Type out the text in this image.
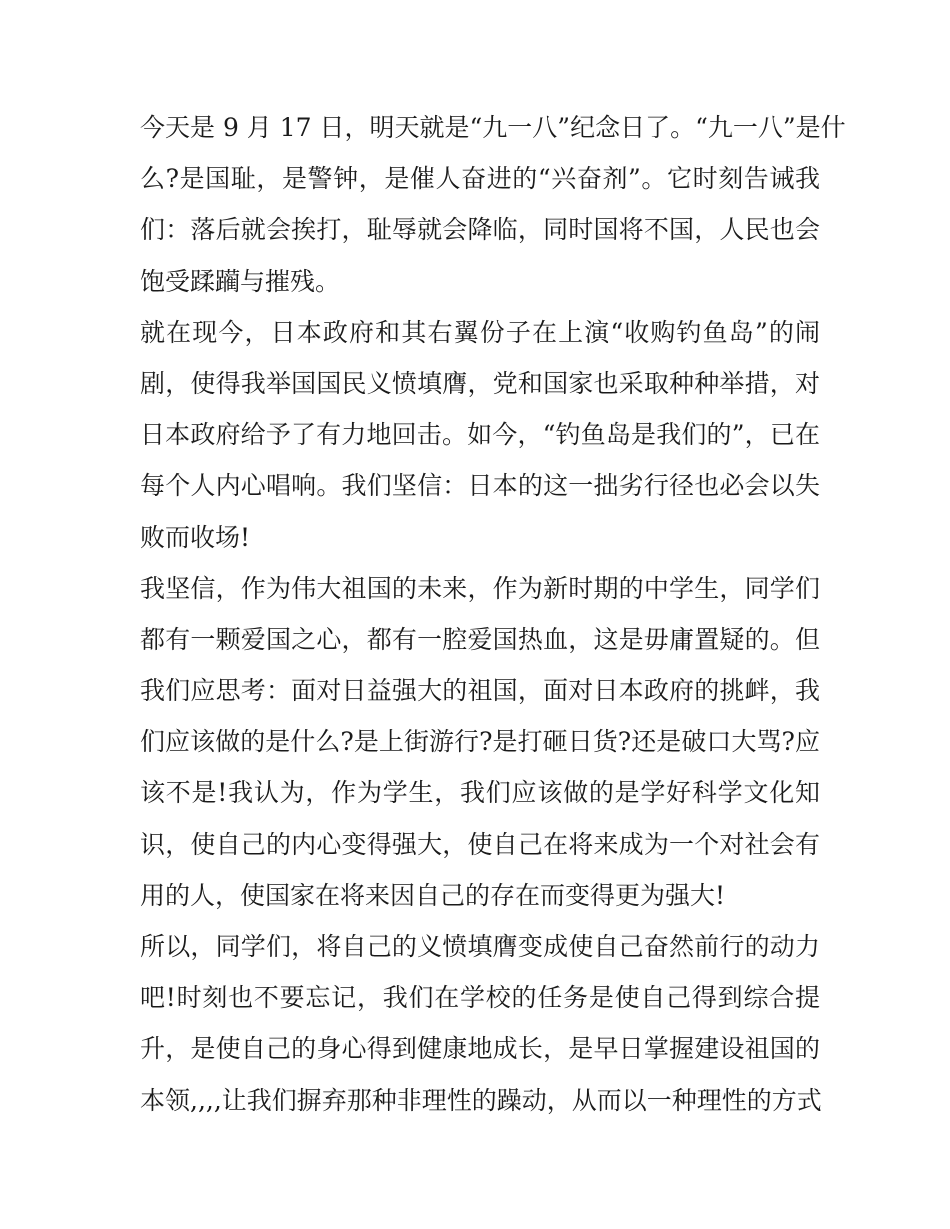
今天是 9 月 17 日，明天就是“九一八”纪念日了。“九一八”是什
么?是国耻，是警钟，是催人奋进的“兴奋剂”。它时刻告诫我
们：落后就会挨打，耻辱就会降临，同时国将不国，人民也会
饱受蹂躏与摧残。
就在现今，日本政府和其右翼份子在上演“收购钓鱼岛”的闹
剧，使得我举国国民义愤填膺，党和国家也采取种种举措，对
日本政府给予了有力地回击。如今，“钓鱼岛是我们的”，已在
每个人内心唱响。我们坚信：日本的这一拙劣行径也必会以失
败而收场!
我坚信，作为伟大祖国的未来，作为新时期的中学生，同学们
都有一颗爱国之心，都有一腔爱国热血，这是毋庸置疑的。但
我们应思考：面对日益强大的祖国，面对日本政府的挑衅，我
们应该做的是什么?是上街游行?是打砸日货?还是破口大骂?应
该不是!我认为，作为学生，我们应该做的是学好科学文化知
识，使自己的内心变得强大，使自己在将来成为一个对社会有
用的人，使国家在将来因自己的存在而变得更为强大!
所以，同学们，将自己的义愤填膺变成使自己奋然前行的动力
吧!时刻也不要忘记，我们在学校的任务是使自己得到综合提
升，是使自己的身心得到健康地成长，是早日掌握建设祖国的
本领,,,,让我们摒弃那种非理性的躁动，从而以一种理性的方式
